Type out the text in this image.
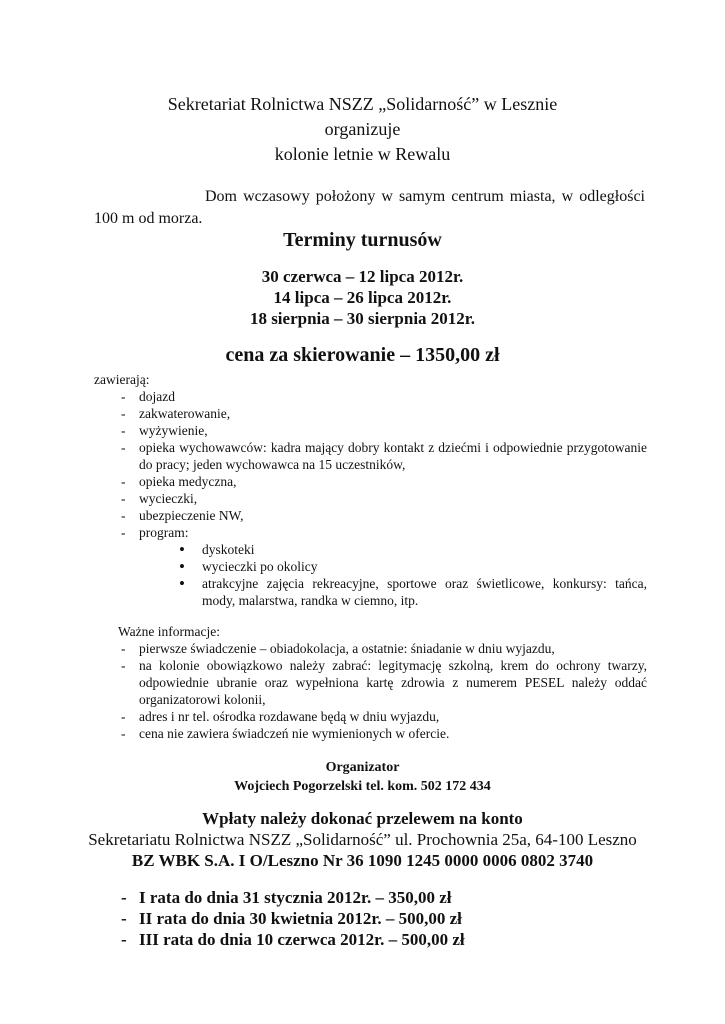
Sekretariat Rolnictwa NSZZ „Solidarność” w Lesznie
organizuje
kolonie letnie w Rewalu
Dom wczasowy położony w samym centrum miasta, w odległości
100 m od morza.
Terminy turnusów
30 czerwca – 12 lipca 2012r.
14 lipca – 26 lipca 2012r.
18 sierpnia – 30 sierpnia 2012r.
cena za skierowanie – 1350,00 zł
zawierają:
- dojazd
- zakwaterowanie,
- wyżywienie,
- opieka wychowawców: kadra mający dobry kontakt z dziećmi i odpowiednie przygotowanie do pracy; jeden wychowawca na 15 uczestników,
- opieka medyczna,
- wycieczki,
- ubezpieczenie NW,
- program:
• dyskoteki
• wycieczki po okolicy
• atrakcyjne zajęcia rekreacyjne, sportowe oraz świetlicowe, konkursy: tańca, mody, malarstwa, randka w ciemno, itp.
Ważne informacje:
- pierwsze świadczenie – obiadokolacja, a ostatnie: śniadanie w dniu wyjazdu,
- na kolonie obowiązkowo należy zabrać: legitymację szkolną, krem do ochrony twarzy, odpowiednie ubranie oraz wypełniona kartę zdrowia z numerem PESEL należy oddać organizatorowi kolonii,
- adres i nr tel. ośrodka rozdawane będą w dniu wyjazdu,
- cena nie zawiera świadczeń nie wymienionych w ofercie.
Organizator
Wojciech Pogorzelski tel. kom. 502 172 434
Wpłaty należy dokonać przelewem na konto
Sekretariatu Rolnictwa NSZZ „Solidarność” ul. Prochownia 25a, 64-100 Leszno
BZ WBK S.A. I O/Leszno Nr 36 1090 1245 0000 0006 0802 3740
- I rata do dnia 31 stycznia 2012r. – 350,00 zł
- II rata do dnia 30 kwietnia 2012r. – 500,00 zł
- III rata do dnia 10 czerwca 2012r. – 500,00 zł
